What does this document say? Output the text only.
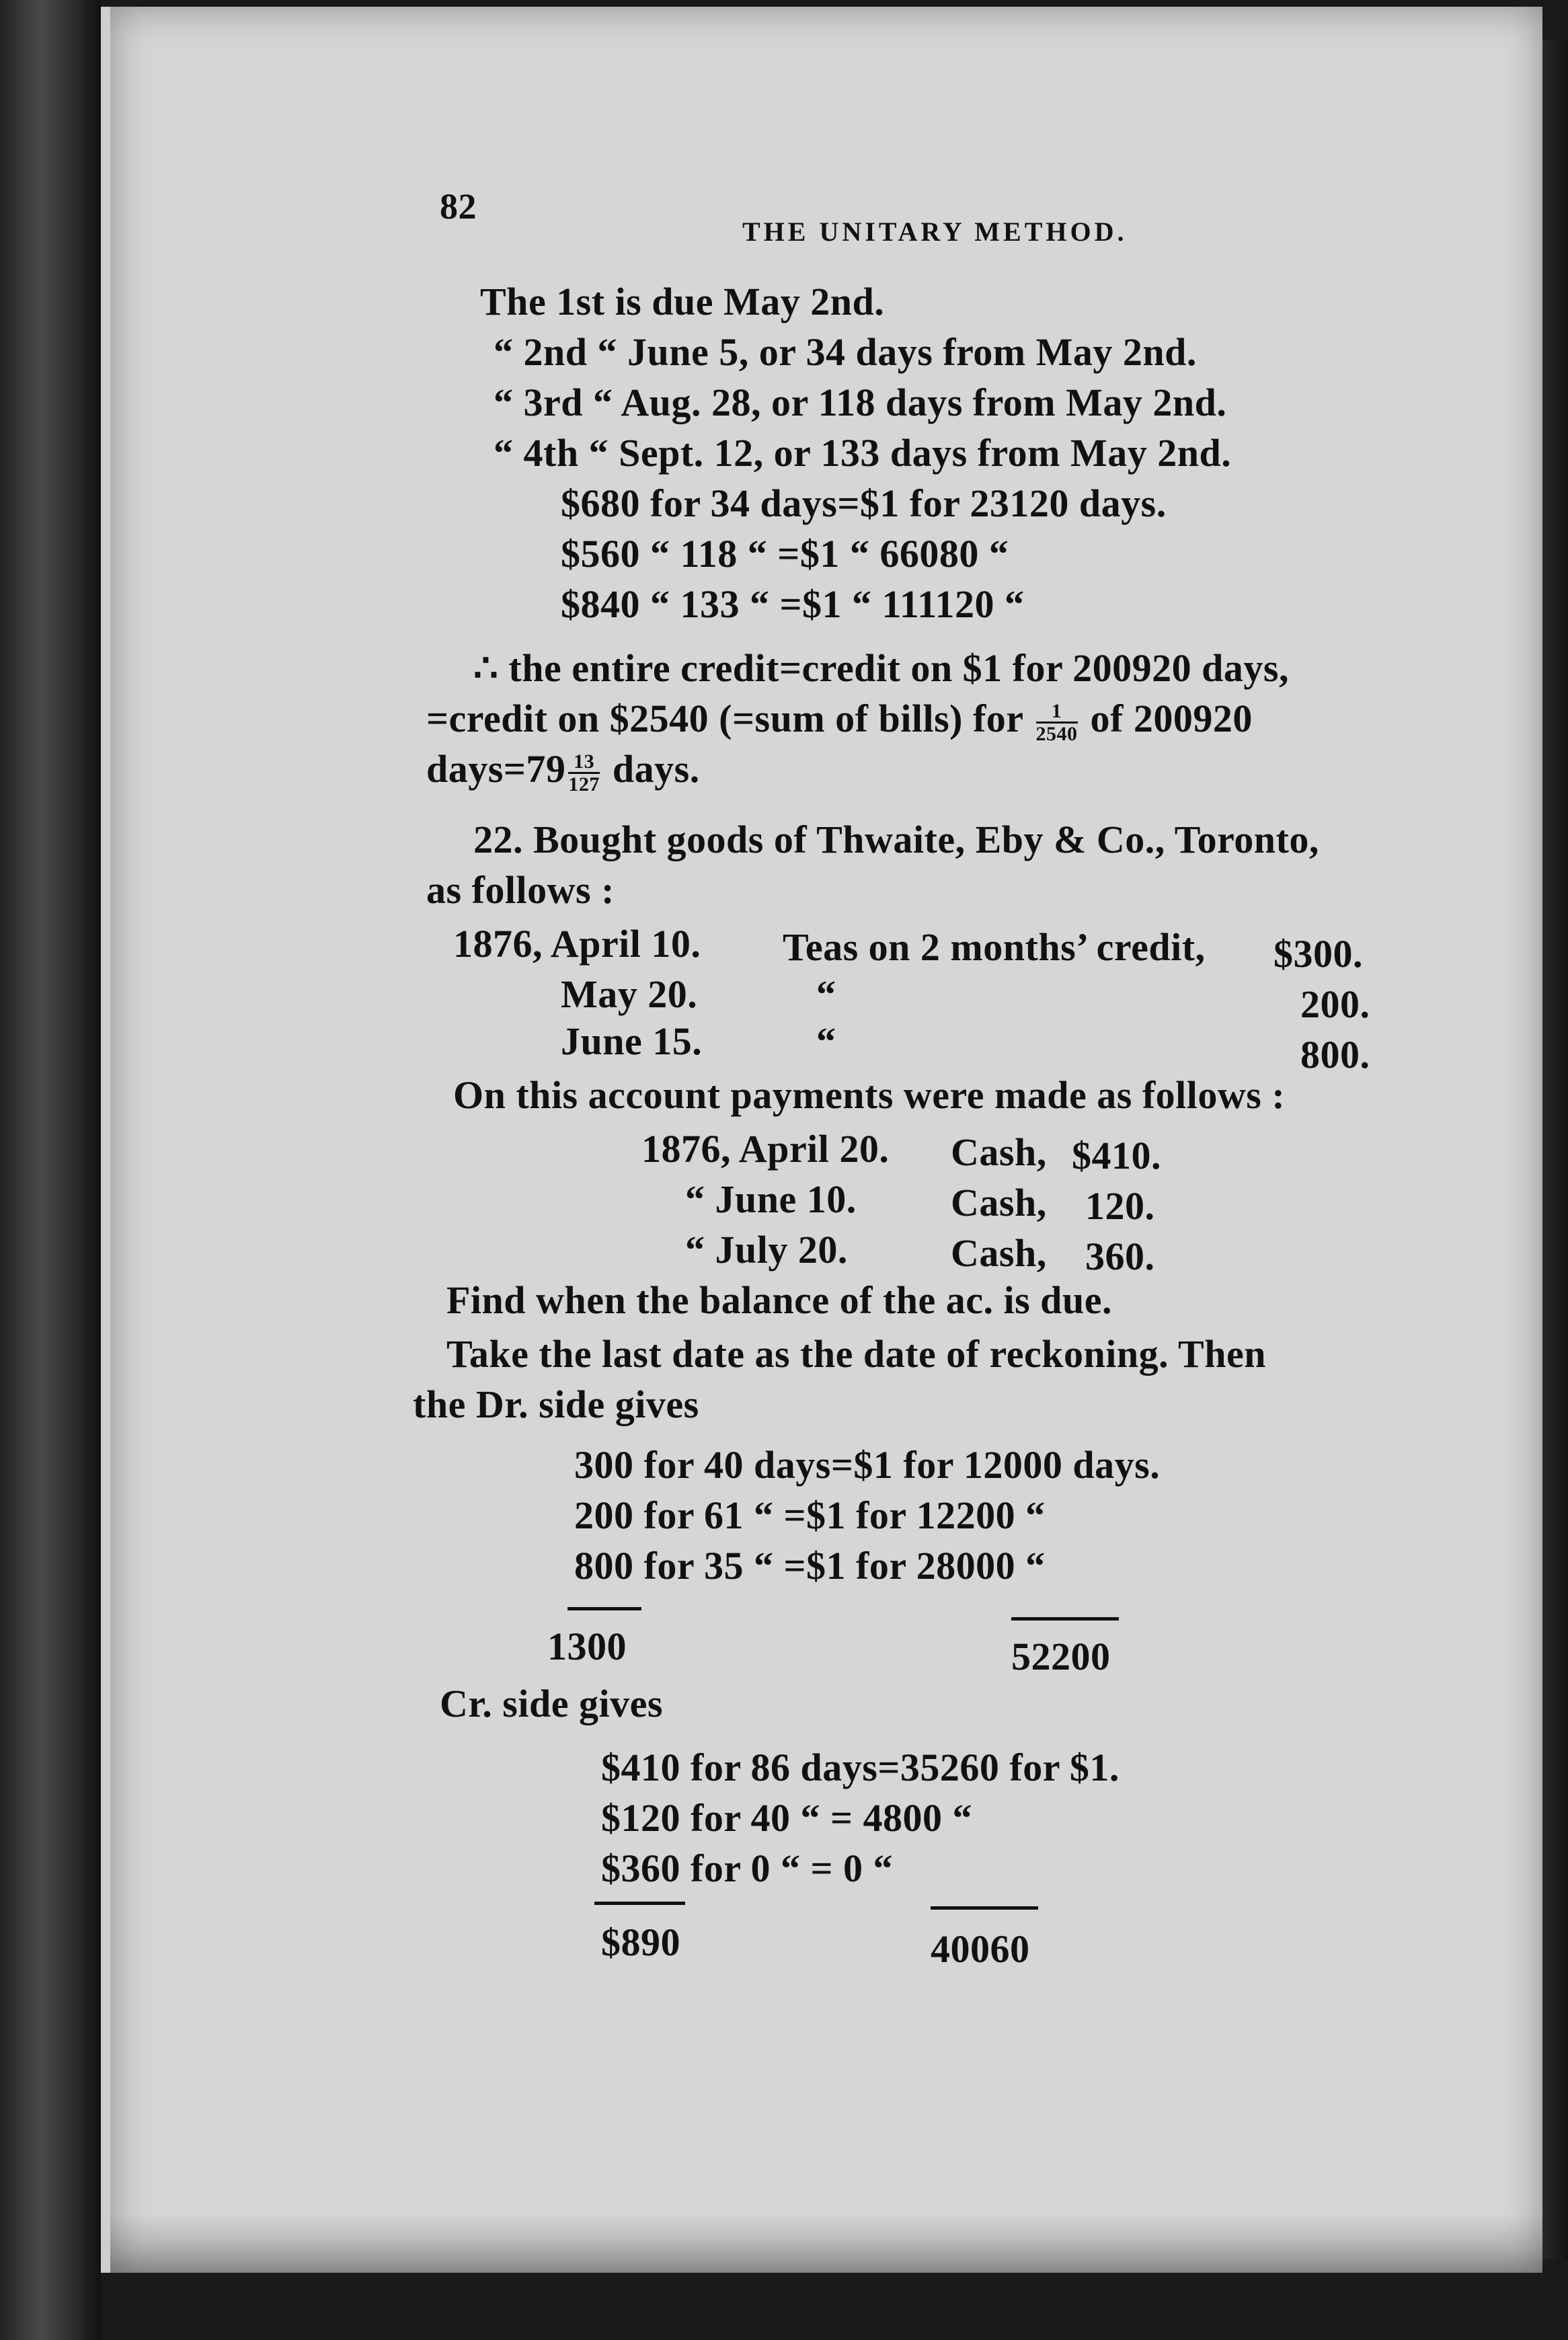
82
THE UNITARY METHOD.
The 1st is due May 2nd.
“ 2nd “ June 5, or 34 days from May 2nd.
“ 3rd “ Aug. 28, or 118 days from May 2nd.
“ 4th “ Sept. 12, or 133 days from May 2nd.
$680 for 34 days=$1 for 23120 days.
$560 “ 118 “ =$1 “ 66080 “
$840 “ 133 “ =$1 “ 111120 “
∴ the entire credit=credit on $1 for 200920 days,
=credit on $2540 (=sum of bills) for $\frac{1}{2540}$ of 200920
days=79 $\frac{13}{127}$ days.
22. Bought goods of Thwaite, Eby & Co., Toronto,
as follows :
1876, April 10. Teas on 2 months’ credit, $300.
May 20.	“	200.
June 15.	“	800.
On this account payments were made as follows :
1876, April 20. Cash, $410.
“ June 10. Cash, 120.
“ July 20.	Cash, 360.
Find when the balance of the ac. is due.
Take the last date as the date of reckoning. Then
the Dr. side gives
300 for 40 days=$1 for 12000 days.
200 for 61 “ =$1 for 12200 “
800 for 35 “ =$1 for 28000 “
1300	52200
Cr. side gives
$410 for 86 days=35260 for $1.
$120 for 40 “ = 4800 “
$360 for 0 “ = 0 “
$890	40060
